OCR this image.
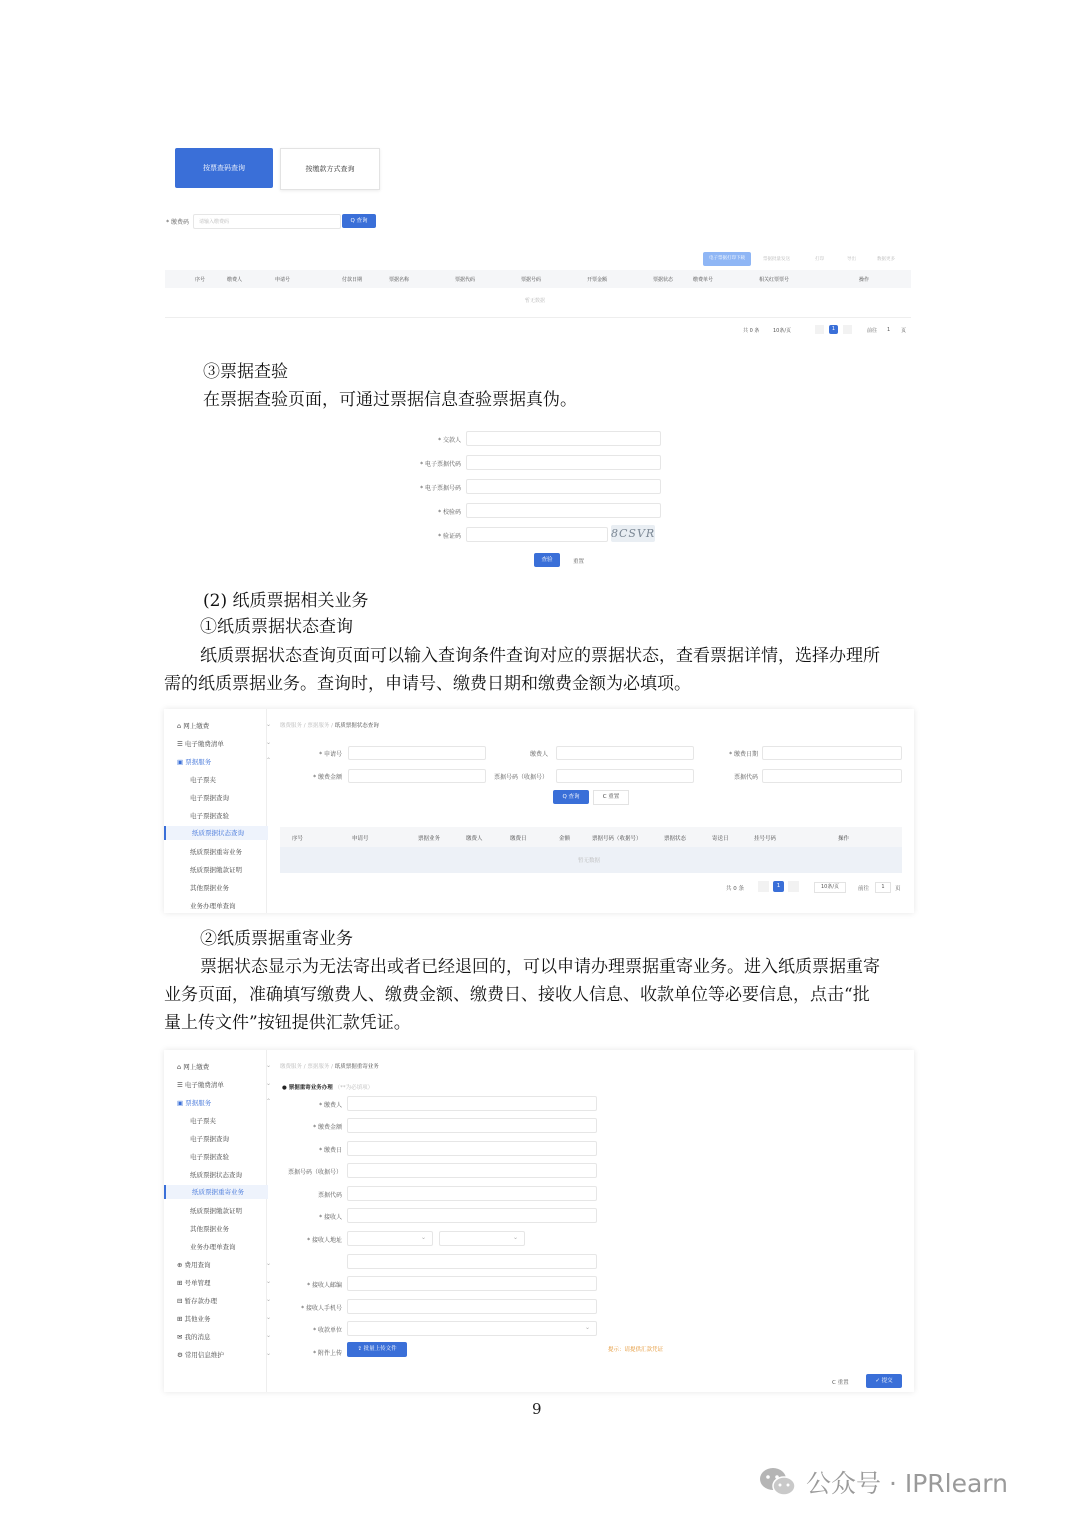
按票查码查询	按缴款方式查询
* 缴费码 请输入缴费码	Q 查询
电子票据打印下载	票据批量发送	打印	导出	数据更多
序号	缴费人	申请号	付款日期	票据名称	票据代码	票据号码	开票金额	票据状态	缴费单号	相关红票票号	操作
暂无数据
共 0 条	10条/页	1	前往 1 页
③票据查验
在票据查验页面，可通过票据信息查验票据真伪。
* 交款人
* 电子票据代码
* 电子票据号码
* 校验码
* 验证码	8CSVR
查验	重置
(2) 纸质票据相关业务
①纸质票据状态查询
纸质票据状态查询页面可以输入查询条件查询对应的票据状态，查看票据详情，选择办理所
需的纸质票据业务。查询时，申请号、缴费日期和缴费金额为必填项。
⌂ 网上缴费	⌄
☰ 电子缴费清单	⌄
▣ 票据服务	⌃
电子票夹
电子票据查询
电子票据查验
纸质票据状态查询
纸质票据重寄业务
纸质票据缴款证明
其他票据业务
业务办理单查询
缴费服务 / 票据服务 / 纸质票据状态查询
* 申请号	缴费人	* 缴费日期
* 缴费金额	票据号码（收据号）	票据代码
Q 查询	C 重置
序号	申请号	票据业务	缴费人	缴费日	金额	票据号码（收据号）	票据状态	寄送日	挂号号码	操作
暂无数据
共 0 条	1	10条/页	前往	1	页
②纸质票据重寄业务
票据状态显示为无法寄出或者已经退回的，可以申请办理票据重寄业务。进入纸质票据重寄
业务页面，准确填写缴费人、缴费金额、缴费日、接收人信息、收款单位等必要信息，点击“批
量上传文件”按钮提供汇款凭证。
⌂ 网上缴费	⌄
☰ 电子缴费清单	⌄
▣ 票据服务	⌃
电子票夹
电子票据查询
电子票据查验
纸质票据状态查询
纸质票据重寄业务
纸质票据缴款证明
其他票据业务
业务办理单查询
⊕ 费用查询	⌄
⊞ 号单管理	⌄
⊟ 暂存款办理	⌄
⊞ 其他业务	⌄
✉ 我的消息	⌄
⚙ 常用信息维护	⌄
缴费服务 / 票据服务 / 纸质票据重寄业务
● 票据重寄业务办理 （**为必填项）
* 缴费人
* 缴费金额
* 缴费日
票据号码（收据号）
票据代码
* 接收人
* 接收人地址	⌄	⌄
* 接收人邮编
* 接收人手机号
* 收款单位	⌄
* 附件上传
⇪ 批量上传文件	提示：请提供汇款凭证
C 重置	✓ 提交
9
公众号 · IPRlearn
